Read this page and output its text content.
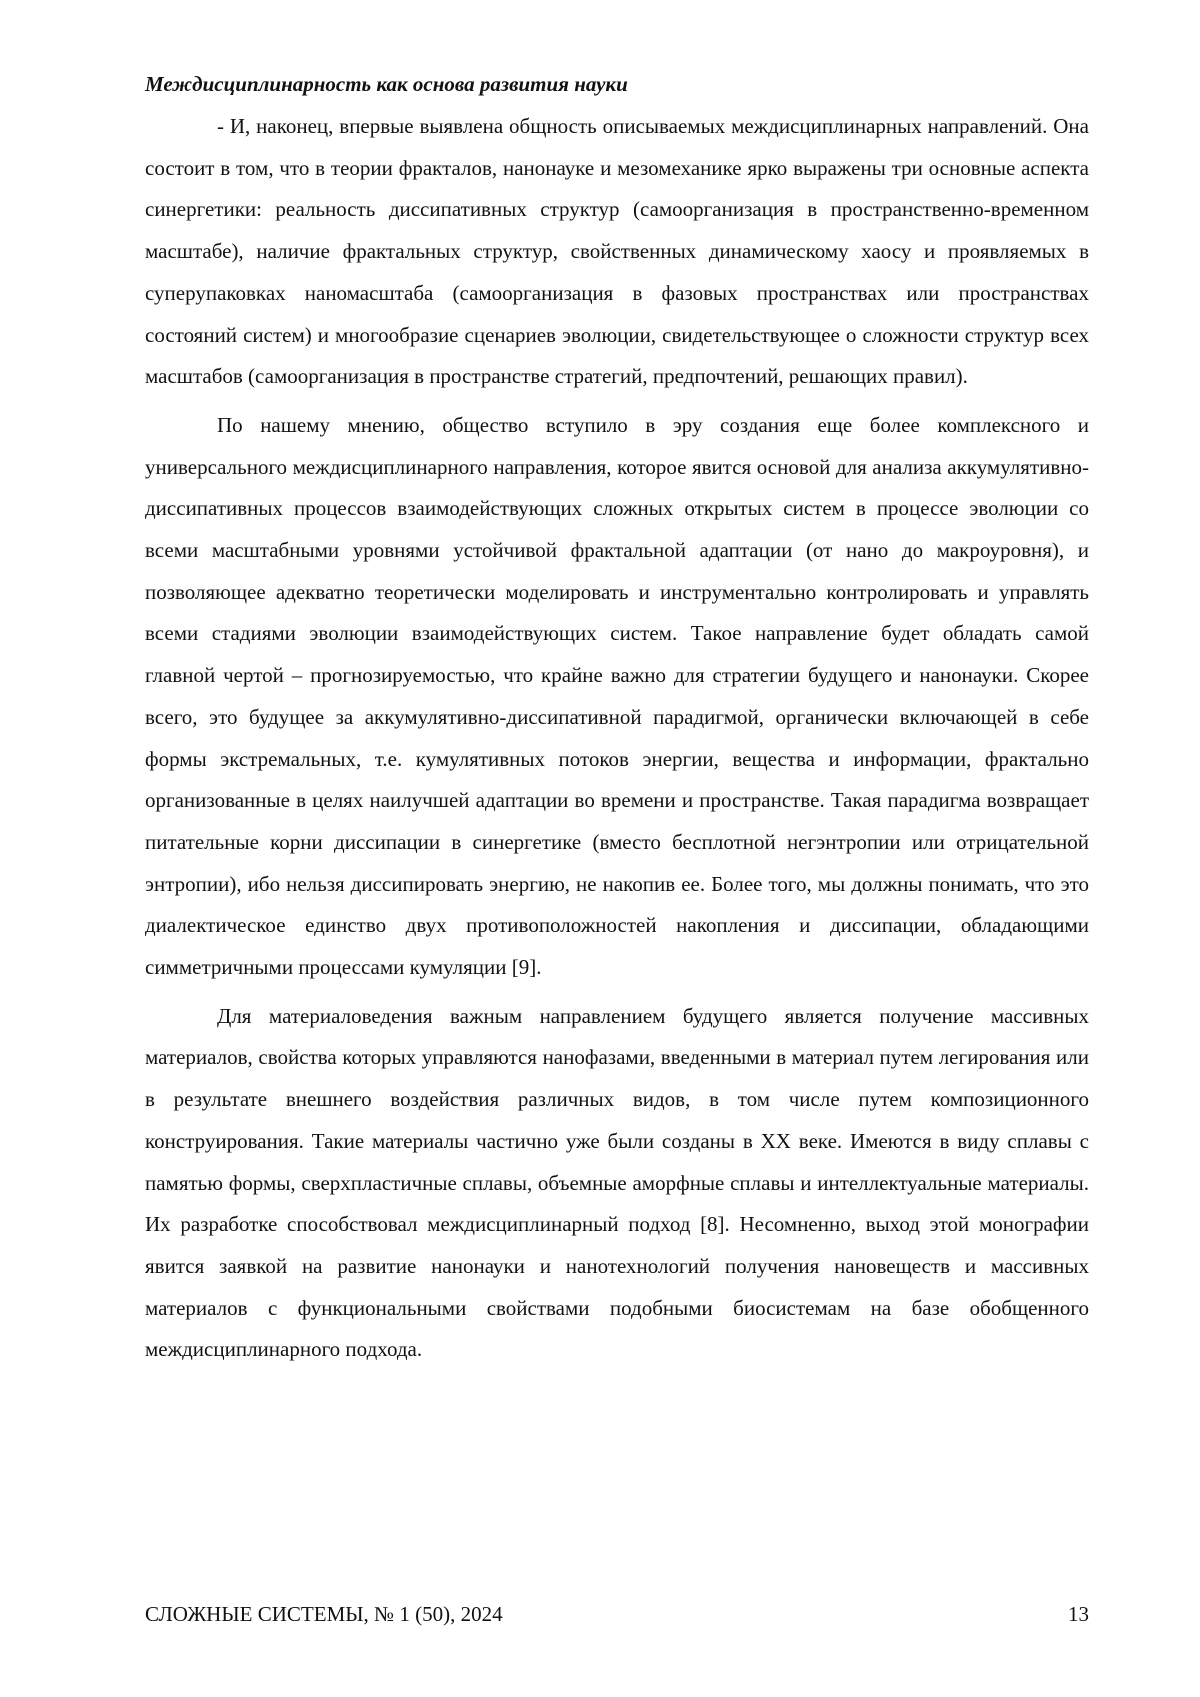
Междисциплинарность как основа развития науки

- И, наконец, впервые выявлена общность описываемых междисциплинарных направлений. Она состоит в том, что в теории фракталов, нанонауке и мезомеханике ярко выражены три основные аспекта синергетики: реальность диссипативных структур (самоорганизация в пространственно-временном масштабе), наличие фрактальных структур, свойственных динамическому хаосу и проявляемых в суперупаковках наномасштаба (самоорганизация в фазовых пространствах или пространствах состояний систем) и многообразие сценариев эволюции, свидетельствующее о сложности структур всех масштабов (самоорганизация в пространстве стратегий, предпочтений, решающих правил).

По нашему мнению, общество вступило в эру создания еще более комплексного и универсального междисциплинарного направления, которое явится основой для анализа аккумулятивно-диссипативных процессов взаимодействующих сложных открытых систем в процессе эволюции со всеми масштабными уровнями устойчивой фрактальной адаптации (от нано до макроуровня), и позволяющее адекватно теоретически моделировать и инструментально контролировать и управлять всеми стадиями эволюции взаимодействующих систем. Такое направление будет обладать самой главной чертой – прогнозируемостью, что крайне важно для стратегии будущего и нанонауки. Скорее всего, это будущее за аккумулятивно-диссипативной парадигмой, органически включающей в себе формы экстремальных, т.е. кумулятивных потоков энергии, вещества и информации, фрактально организованные в целях наилучшей адаптации во времени и пространстве. Такая парадигма возвращает питательные корни диссипации в синергетике (вместо бесплотной негэнтропии или отрицательной энтропии), ибо нельзя диссипировать энергию, не накопив ее. Более того, мы должны понимать, что это диалектическое единство двух противоположностей накопления и диссипации, обладающими симметричными процессами кумуляции [9].

Для материаловедения важным направлением будущего является получение массивных материалов, свойства которых управляются нанофазами, введенными в материал путем легирования или в результате внешнего воздействия различных видов, в том числе путем композиционного конструирования. Такие материалы частично уже были созданы в XX веке. Имеются в виду сплавы с памятью формы, сверхпластичные сплавы, объемные аморфные сплавы и интеллектуальные материалы. Их разработке способствовал междисциплинарный подход [8]. Несомненно, выход этой монографии явится заявкой на развитие нанонауки и нанотехнологий получения нановеществ и массивных материалов с функциональными свойствами подобными биосистемам на базе обобщенного междисциплинарного подхода.

СЛОЖНЫЕ СИСТЕМЫ, № 1 (50), 2024	13
